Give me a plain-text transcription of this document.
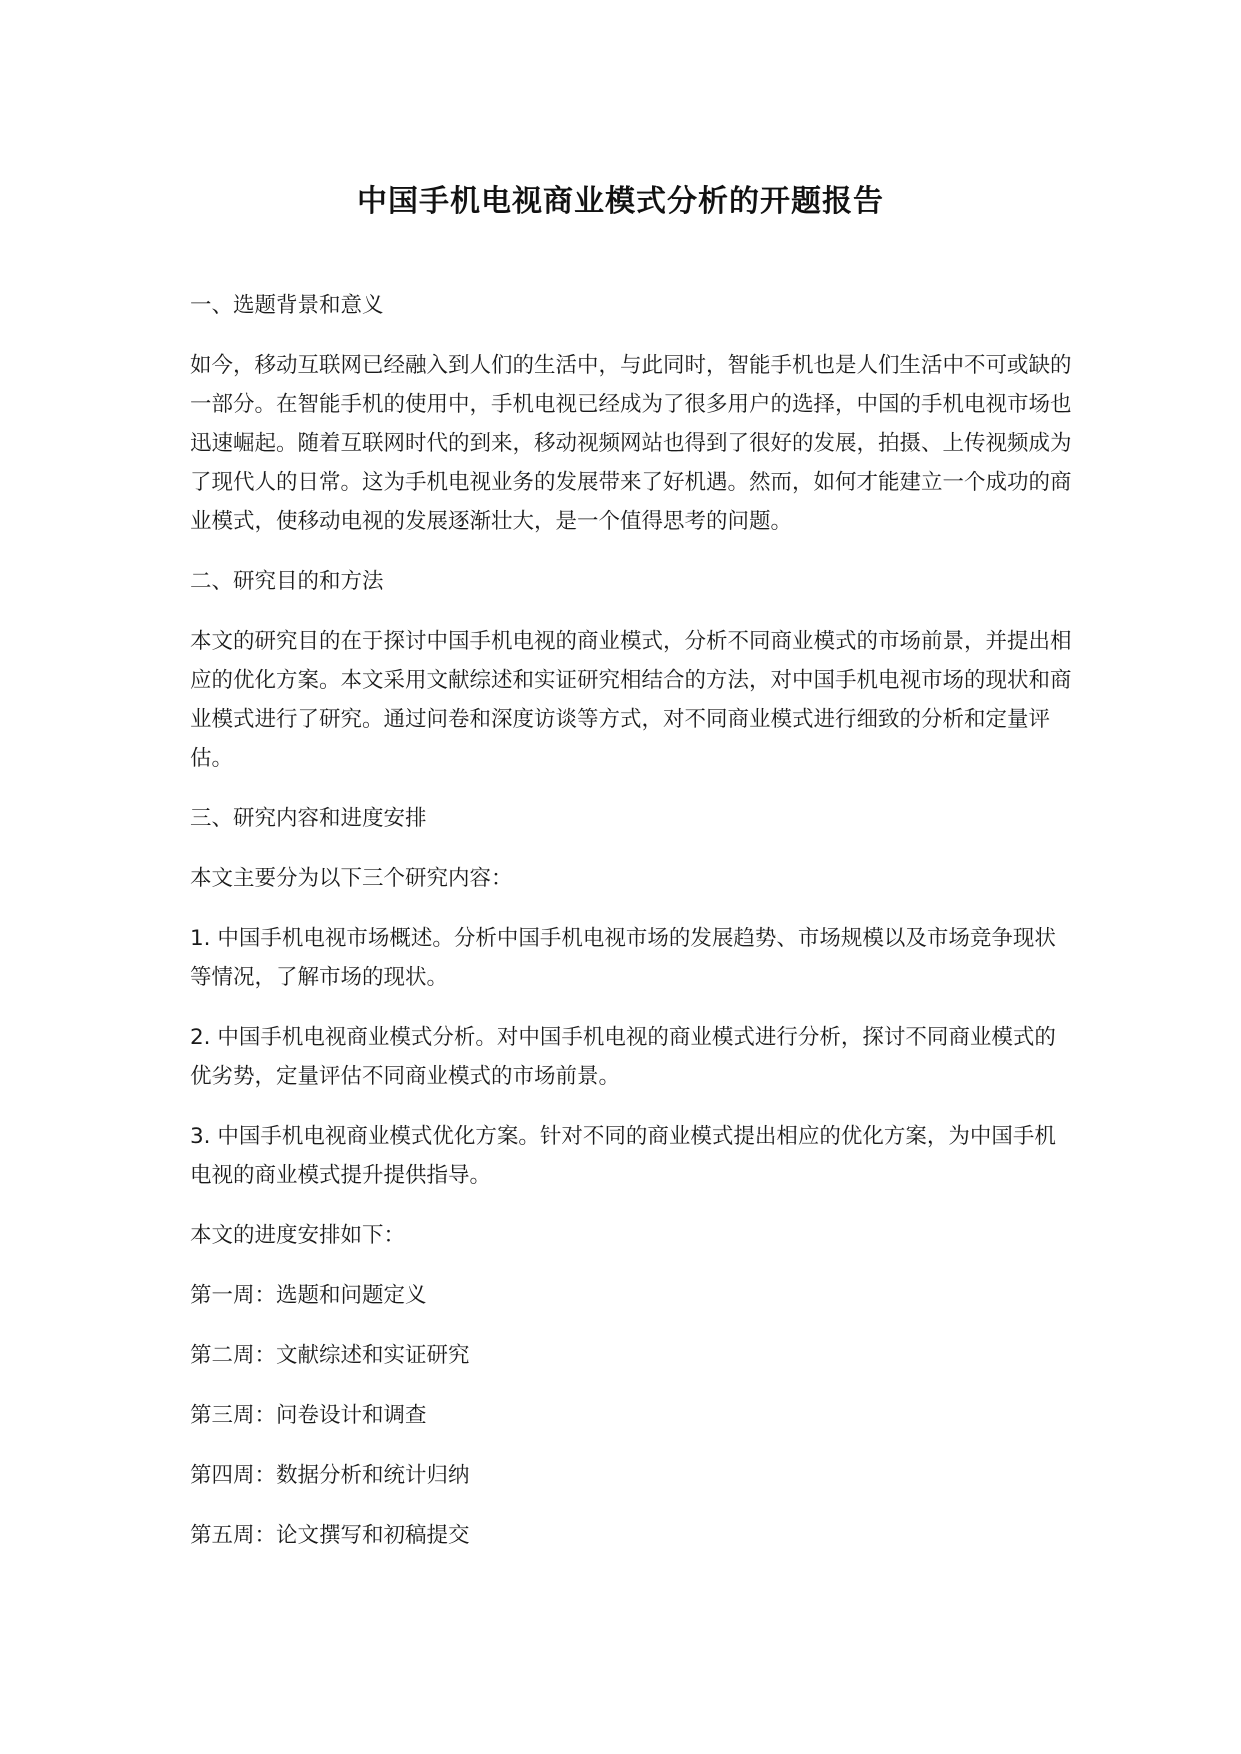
中国手机电视商业模式分析的开题报告

一、选题背景和意义

如今，移动互联网已经融入到人们的生活中，与此同时，智能手机也是人们生活中不可或缺的一部分。在智能手机的使用中，手机电视已经成为了很多用户的选择，中国的手机电视市场也迅速崛起。随着互联网时代的到来，移动视频网站也得到了很好的发展，拍摄、上传视频成为了现代人的日常。这为手机电视业务的发展带来了好机遇。然而，如何才能建立一个成功的商业模式，使移动电视的发展逐渐壮大，是一个值得思考的问题。

二、研究目的和方法

本文的研究目的在于探讨中国手机电视的商业模式，分析不同商业模式的市场前景，并提出相应的优化方案。本文采用文献综述和实证研究相结合的方法，对中国手机电视市场的现状和商业模式进行了研究。通过问卷和深度访谈等方式，对不同商业模式进行细致的分析和定量评估。

三、研究内容和进度安排

本文主要分为以下三个研究内容：

1. 中国手机电视市场概述。分析中国手机电视市场的发展趋势、市场规模以及市场竞争现状等情况，了解市场的现状。

2. 中国手机电视商业模式分析。对中国手机电视的商业模式进行分析，探讨不同商业模式的优劣势，定量评估不同商业模式的市场前景。

3. 中国手机电视商业模式优化方案。针对不同的商业模式提出相应的优化方案，为中国手机电视的商业模式提升提供指导。

本文的进度安排如下：

第一周：选题和问题定义

第二周：文献综述和实证研究

第三周：问卷设计和调查

第四周：数据分析和统计归纳

第五周：论文撰写和初稿提交
